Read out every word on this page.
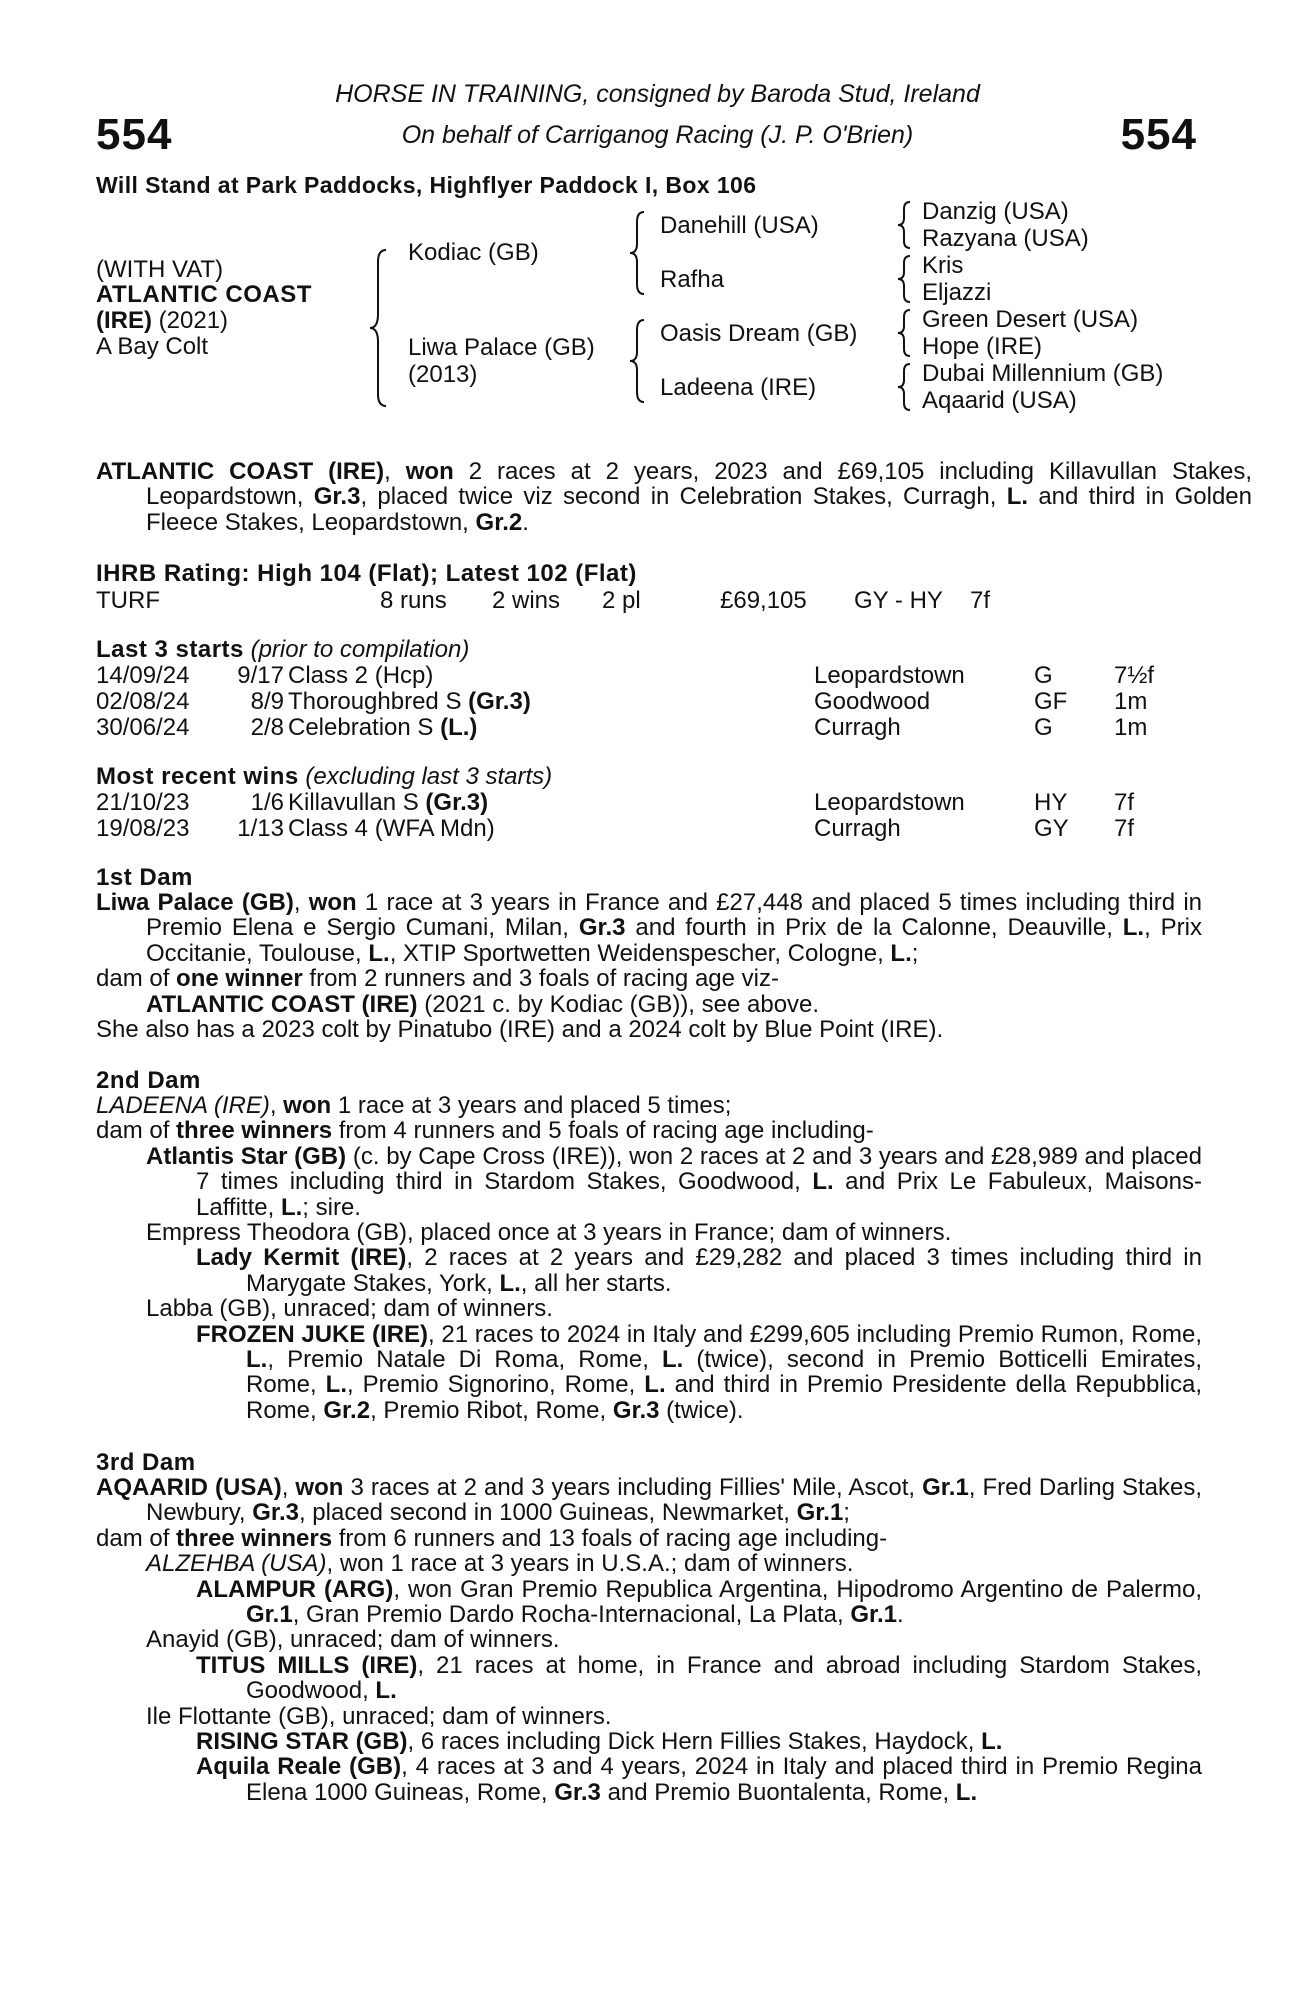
554	554
HORSE IN TRAINING, consigned by Baroda Stud, Ireland
On behalf of Carriganog Racing (J. P. O'Brien)
Will Stand at Park Paddocks, Highflyer Paddock I, Box 106
(WITH VAT)
ATLANTIC COAST
(IRE) (2021)
A Bay Colt
Kodiac (GB)
Liwa Palace (GB)
(2013)
Danehill (USA)
Rafha
Oasis Dream (GB)
Ladeena (IRE)
Danzig (USA)
Razyana (USA)
Kris
Eljazzi
Green Desert (USA)
Hope (IRE)
Dubai Millennium (GB)
Aqaarid (USA)
ATLANTIC COAST (IRE), won 2 races at 2 years, 2023 and £69,105 including Killavullan Stakes, Leopardstown, Gr.3, placed twice viz second in Celebration Stakes, Curragh, L. and third in Golden Fleece Stakes, Leopardstown, Gr.2.
IHRB Rating: High 104 (Flat); Latest 102 (Flat)
TURF	8 runs 2 wins 2 pl	£69,105 GY - HY 7f
Last 3 starts (prior to compilation)
14/09/24	9/17 Class 2 (Hcp)	Leopardstown	G	7½f
02/08/24	8/9 Thoroughbred S (Gr.3)	Goodwood	GF 1m
30/06/24	2/8 Celebration S (L.)	Curragh	G	1m
Most recent wins (excluding last 3 starts)
21/10/23	1/6 Killavullan S (Gr.3)	Leopardstown	HY 7f
19/08/23	1/13 Class 4 (WFA Mdn)	Curragh	GY 7f
1st Dam

Liwa Palace (GB), won 1 race at 3 years in France and £27,448 and placed 5 times including third in Premio Elena e Sergio Cumani, Milan, Gr.3 and fourth in Prix de la Calonne, Deauville, L., Prix Occitanie, Toulouse, L., XTIP Sportwetten Weidenspescher, Cologne, L.;

dam of one winner from 2 runners and 3 foals of racing age viz-

ATLANTIC COAST (IRE) (2021 c. by Kodiac (GB)), see above.

She also has a 2023 colt by Pinatubo (IRE) and a 2024 colt by Blue Point (IRE).

2nd Dam

LADEENA (IRE), won 1 race at 3 years and placed 5 times;

dam of three winners from 4 runners and 5 foals of racing age including-

Atlantis Star (GB) (c. by Cape Cross (IRE)), won 2 races at 2 and 3 years and £28,989 and placed 7 times including third in Stardom Stakes, Goodwood, L. and Prix Le Fabuleux, Maisons-Laffitte, L.; sire.

Empress Theodora (GB), placed once at 3 years in France; dam of winners.

Lady Kermit (IRE), 2 races at 2 years and £29,282 and placed 3 times including third in Marygate Stakes, York, L., all her starts.

Labba (GB), unraced; dam of winners.

FROZEN JUKE (IRE), 21 races to 2024 in Italy and £299,605 including Premio Rumon, Rome, L., Premio Natale Di Roma, Rome, L. (twice), second in Premio Botticelli Emirates, Rome, L., Premio Signorino, Rome, L. and third in Premio Presidente della Repubblica, Rome, Gr.2, Premio Ribot, Rome, Gr.3 (twice).

3rd Dam

AQAARID (USA), won 3 races at 2 and 3 years including Fillies' Mile, Ascot, Gr.1, Fred Darling Stakes, Newbury, Gr.3, placed second in 1000 Guineas, Newmarket, Gr.1;

dam of three winners from 6 runners and 13 foals of racing age including-

ALZEHBA (USA), won 1 race at 3 years in U.S.A.; dam of winners.

ALAMPUR (ARG), won Gran Premio Republica Argentina, Hipodromo Argentino de Palermo, Gr.1, Gran Premio Dardo Rocha-Internacional, La Plata, Gr.1.

Anayid (GB), unraced; dam of winners.

TITUS MILLS (IRE), 21 races at home, in France and abroad including Stardom Stakes, Goodwood, L.

Ile Flottante (GB), unraced; dam of winners.

RISING STAR (GB), 6 races including Dick Hern Fillies Stakes, Haydock, L.

Aquila Reale (GB), 4 races at 3 and 4 years, 2024 in Italy and placed third in Premio Regina Elena 1000 Guineas, Rome, Gr.3 and Premio Buontalenta, Rome, L.
